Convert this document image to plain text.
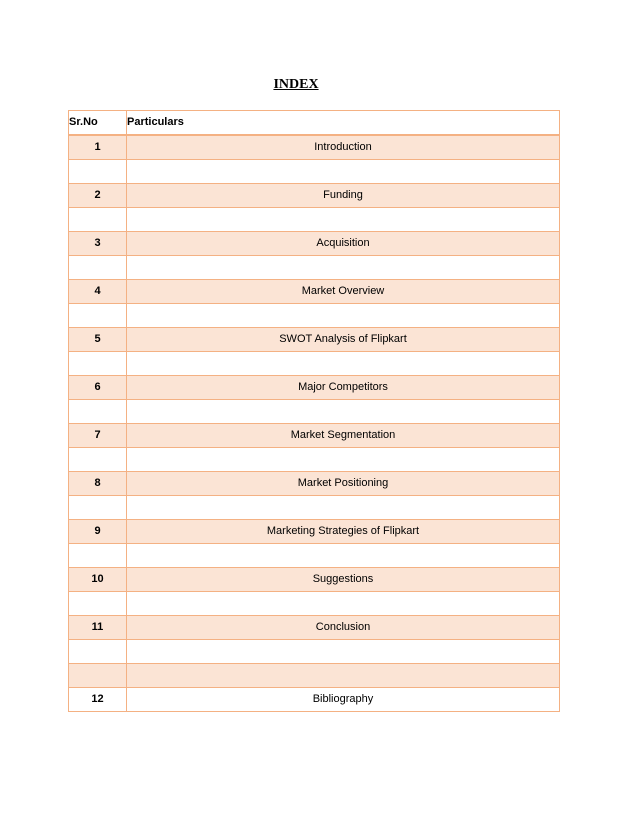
INDEX
Sr.No	Particulars
1	Introduction

2	Funding

3	Acquisition

4	Market Overview

5	SWOT Analysis of Flipkart

6	Major Competitors

7	Market Segmentation

8	Market Positioning

9	Marketing Strategies of Flipkart

10	Suggestions

11	Conclusion

12	Bibliography
